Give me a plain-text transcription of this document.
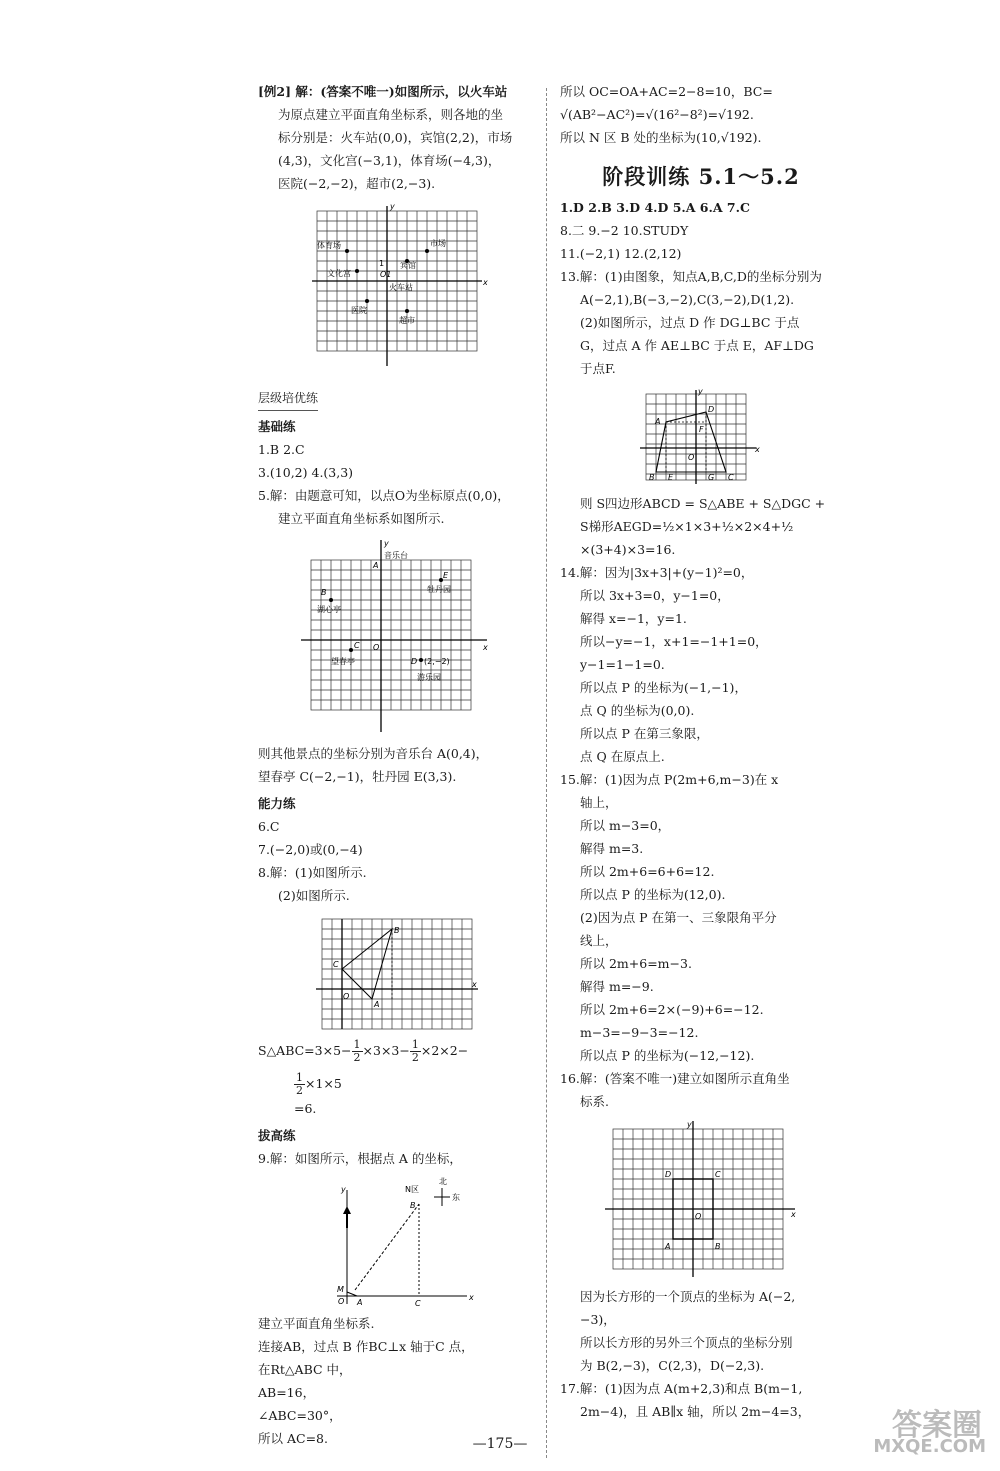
[例2] 解：(答案不唯一)如图所示，以火车站
为原点建立平面直角坐标系，则各地的坐
标分别是：火车站(0,0)，宾馆(2,2)，市场
(4,3)，文化宫(−3,1)，体育场(−4,3)，
医院(−2,−2)，超市(2,−3).
x
y
市场
体育场
宾馆
文化宫
1
O1
火车站
医院
超市
层级培优练
基础练
1.B 2.C
3.(10,2) 4.(3,3)
5.解：由题意可知，以点O为坐标原点(0,0)，
建立平面直角坐标系如图所示.
x
y
音乐台
A
E
牡丹园
B
湖心亭
O
C
望春亭	D (2,−2)
游乐园
则其他景点的坐标分别为音乐台 A(0,4)，
望春亭 C(−2,−1)，牡丹园 E(3,3).
能力练
6.C
7.(−2,0)或(0,−4)
8.解：(1)如图所示.
(2)如图所示.
x
B
C
O
A
S△ABC=3×5− $\frac{1}{2} \times 3\times 3- \frac{1}{2} \times 2\times 2-$
$\frac{1}{2} \times 1\times 5$
=6.
拔高练
9.解：如图所示，根据点 A 的坐标，
x
y	N区
B
北
东
M
O A	C
建立平面直角坐标系.
连接AB，过点 B 作BC⊥x 轴于C 点，
在Rt△ABC 中，
AB=16，
∠ABC=30°，
所以 AC=8.
所以 OC=OA+AC=2−8=10，BC=
√(AB²−AC²)=√(16²−8²)=√192.
所以 N 区 B 处的坐标为(10,√192).
阶段训练 5.1～5.2
1.D 2.B 3.D 4.D 5.A 6.A 7.C
8.二 9.−2 10.STUDY
11.(−2,1) 12.(2,12)
13.解：(1)由图象，知点A,B,C,D的坐标分别为
A(−2,1),B(−3,−2),C(3,−2),D(1,2).
(2)如图所示，过点 D 作 DG⊥BC 于点
G，过点 A 作 AE⊥BC 于点 E，AF⊥DG
于点F.
x
y
A
D
F
O
B E	G C
则 S四边形ABCD = S△ABE + S△DGC +
S梯形AEGD=½×1×3+½×2×4+½
×(3+4)×3=16.
14.解：因为|3x+3|+(y−1)²=0，
所以 3x+3=0，y−1=0，
解得 x=−1，y=1.
所以−y=−1，x+1=−1+1=0，
y−1=1−1=0.
所以点 P 的坐标为(−1,−1)，
点 Q 的坐标为(0,0).
所以点 P 在第三象限，
点 Q 在原点上.
15.解：(1)因为点 P(2m+6,m−3)在 x
轴上，
所以 m−3=0，
解得 m=3.
所以 2m+6=6+6=12.
所以点 P 的坐标为(12,0).
(2)因为点 P 在第一、三象限角平分
线上，
所以 2m+6=m−3.
解得 m=−9.
所以 2m+6=2×(−9)+6=−12.
m−3=−9−3=−12.
所以点 P 的坐标为(−12,−12).
16.解：(答案不唯一)建立如图所示直角坐
标系.
x
y
D	C
O
A	B
因为长方形的一个顶点的坐标为 A(−2,
−3)，
所以长方形的另外三个顶点的坐标分别
为 B(2,−3)，C(2,3)，D(−2,3).
17.解：(1)因为点 A(m+2,3)和点 B(m−1,
2m−4)，且 AB∥x 轴，所以 2m−4=3，
—175—
答案圈
MXQE.COM
